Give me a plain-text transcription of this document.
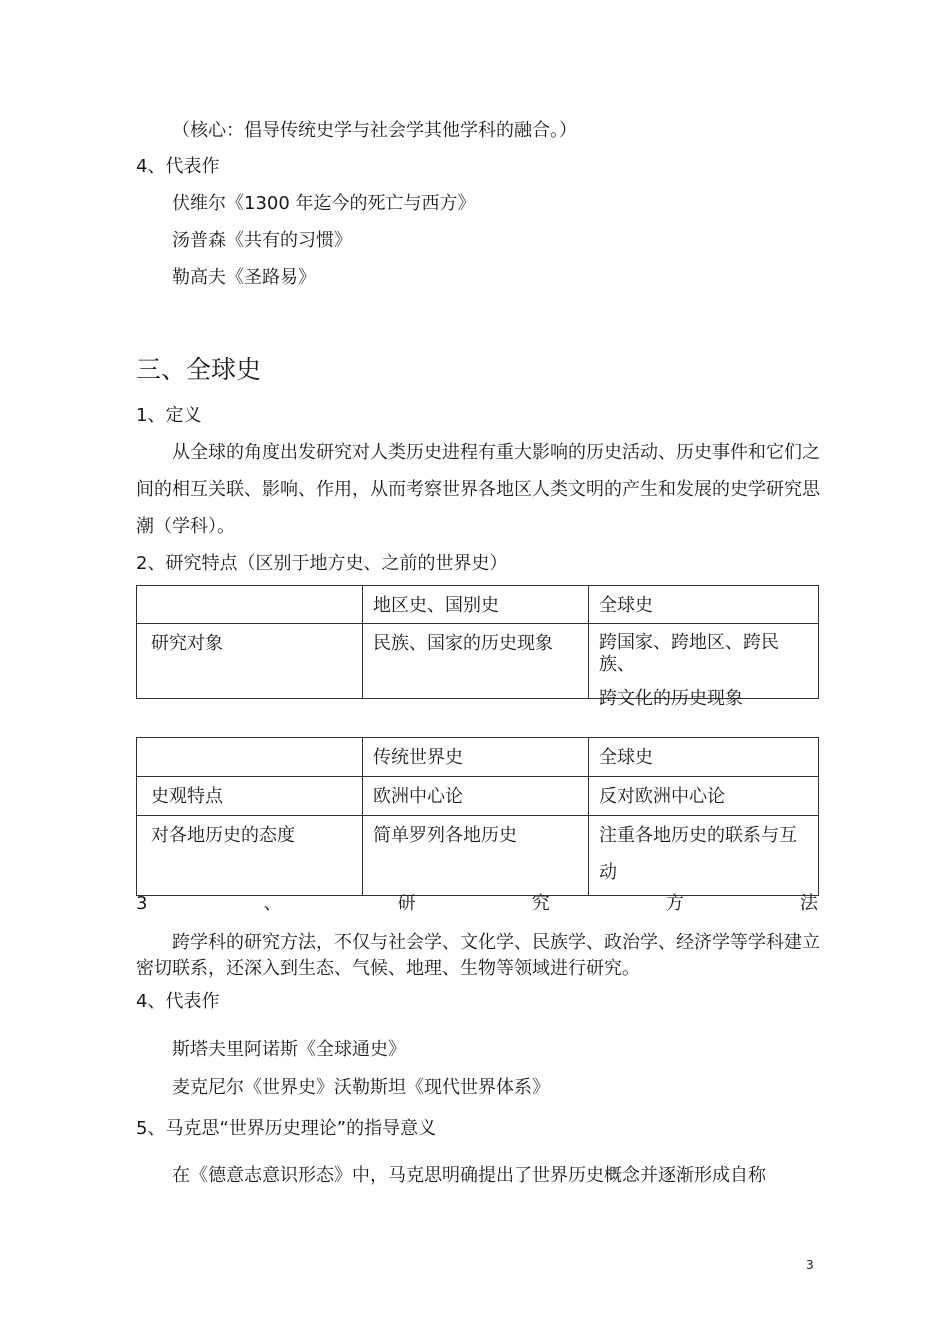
（核心：倡导传统史学与社会学其他学科的融合。）
4、代表作
伏维尔《1300 年迄今的死亡与西方》
汤普森《共有的习惯》
勒高夫《圣路易》
三、全球史
1、定义
从全球的角度出发研究对人类历史进程有重大影响的历史活动、历史事件和它们之间的相互关联、影响、作用，从而考察世界各地区人类文明的产生和发展的史学研究思潮（学科）。
2、研究特点（区别于地方史、之前的世界史）
	地区史、国别史	全球史
研究对象	民族、国家的历史现象	跨国家、跨地区、跨民族、
跨文化的历史现象
	传统世界史	全球史
史观特点	欧洲中心论	反对欧洲中心论
对各地历史的态度	简单罗列各地历史	注重各地历史的联系与互动
3	、	研	究	方	法
跨学科的研究方法，不仅与社会学、文化学、民族学、政治学、经济学等学科建立密切联系，还深入到生态、气候、地理、生物等领域进行研究。
4、代表作
斯塔夫里阿诺斯《全球通史》
麦克尼尔《世界史》沃勒斯坦《现代世界体系》
5、马克思“世界历史理论”的指导意义
在《德意志意识形态》中，马克思明确提出了世界历史概念并逐渐形成自称
3
